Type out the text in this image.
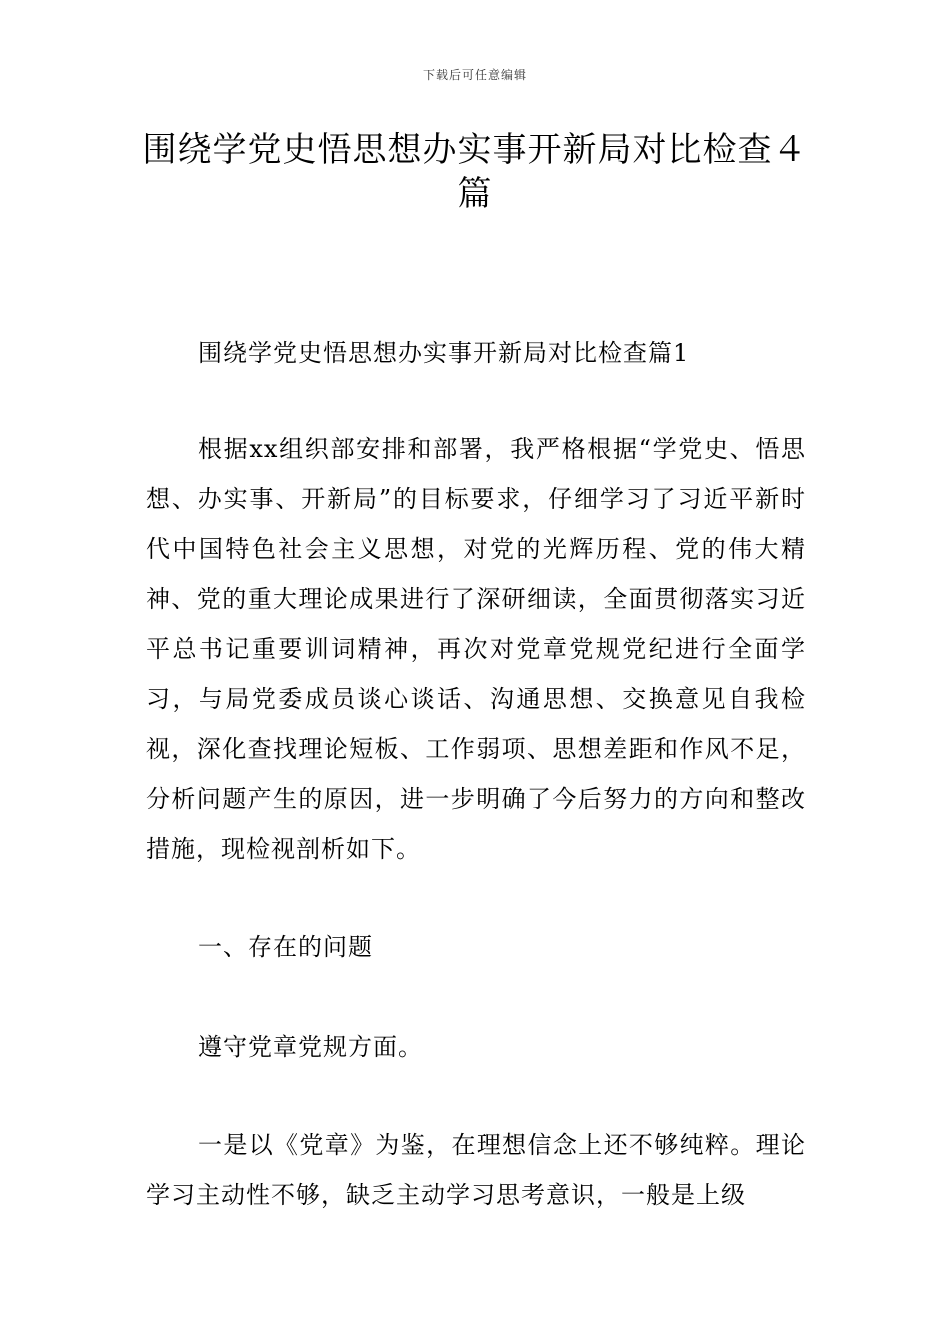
下载后可任意编辑
围绕学党史悟思想办实事开新局对比检查４篇

围绕学党史悟思想办实事开新局对比检查篇1

根据xx组织部安排和部署，我严格根据“学党史、悟思想、办实事、开新局”的目标要求，仔细学习了习近平新时代中国特色社会主义思想，对党的光辉历程、党的伟大精神、党的重大理论成果进行了深研细读，全面贯彻落实习近平总书记重要训词精神，再次对党章党规党纪进行全面学习，与局党委成员谈心谈话、沟通思想、交换意见自我检视，深化查找理论短板、工作弱项、思想差距和作风不足，分析问题产生的原因，进一步明确了今后努力的方向和整改措施，现检视剖析如下。

一、存在的问题

遵守党章党规方面。

一是以《党章》为鉴，在理想信念上还不够纯粹。理论学习主动性不够，缺乏主动学习思考意识，一般是上级
